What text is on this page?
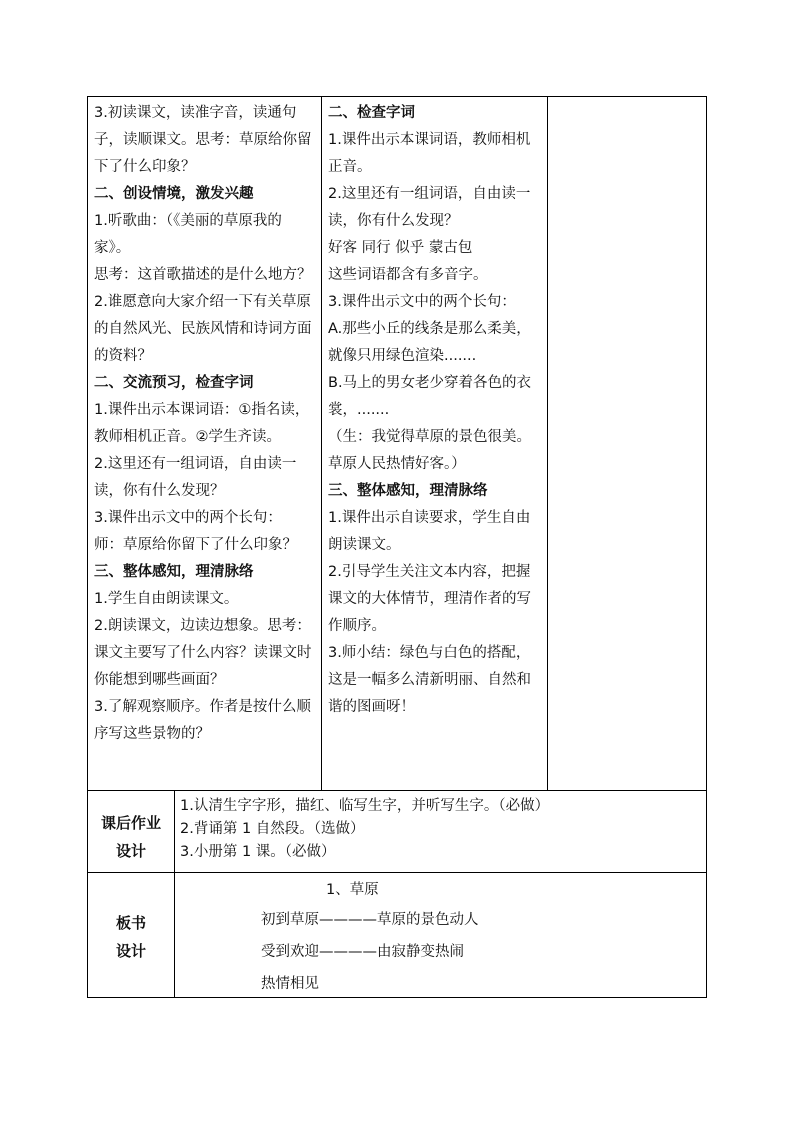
3.初读课文，读准字音，读通句子，读顺课文。思考：草原给你留下了什么印象？

二、创设情境，激发兴趣

1.听歌曲：（《美丽的草原我的家》。

思考：这首歌描述的是什么地方？

2.谁愿意向大家介绍一下有关草原的自然风光、民族风情和诗词方面的资料？

二、交流预习，检查字词

1.课件出示本课词语：①指名读，教师相机正音。②学生齐读。

2.这里还有一组词语，自由读一读，你有什么发现？

3.课件出示文中的两个长句：

师：草原给你留下了什么印象？

三、整体感知，理清脉络

1.学生自由朗读课文。

2.朗读课文，边读边想象。思考：课文主要写了什么内容？读课文时你能想到哪些画面？

3.了解观察顺序。作者是按什么顺序写这些景物的？

二、检查字词

1.课件出示本课词语，教师相机正音。

2.这里还有一组词语，自由读一读，你有什么发现？

好客 同行 似乎 蒙古包

这些词语都含有多音字。

3.课件出示文中的两个长句：

A.那些小丘的线条是那么柔美，就像只用绿色渲染.......

B.马上的男女老少穿着各色的衣裳，.......

（生：我觉得草原的景色很美。草原人民热情好客。）

三、整体感知，理清脉络

1.课件出示自读要求，学生自由朗读课文。

2.引导学生关注文本内容，把握课文的大体情节，理清作者的写作顺序。

3.师小结：绿色与白色的搭配，这是一幅多么清新明丽、自然和谐的图画呀！

课后作业
设计

1.认清生字字形，描红、临写生字，并听写生字。（必做）

2.背诵第 1 自然段。（选做）

3.小册第 1 课。（必做）

板书
设计

1、草原

初到草原————草原的景色动人

受到欢迎————由寂静变热闹

热情相见
